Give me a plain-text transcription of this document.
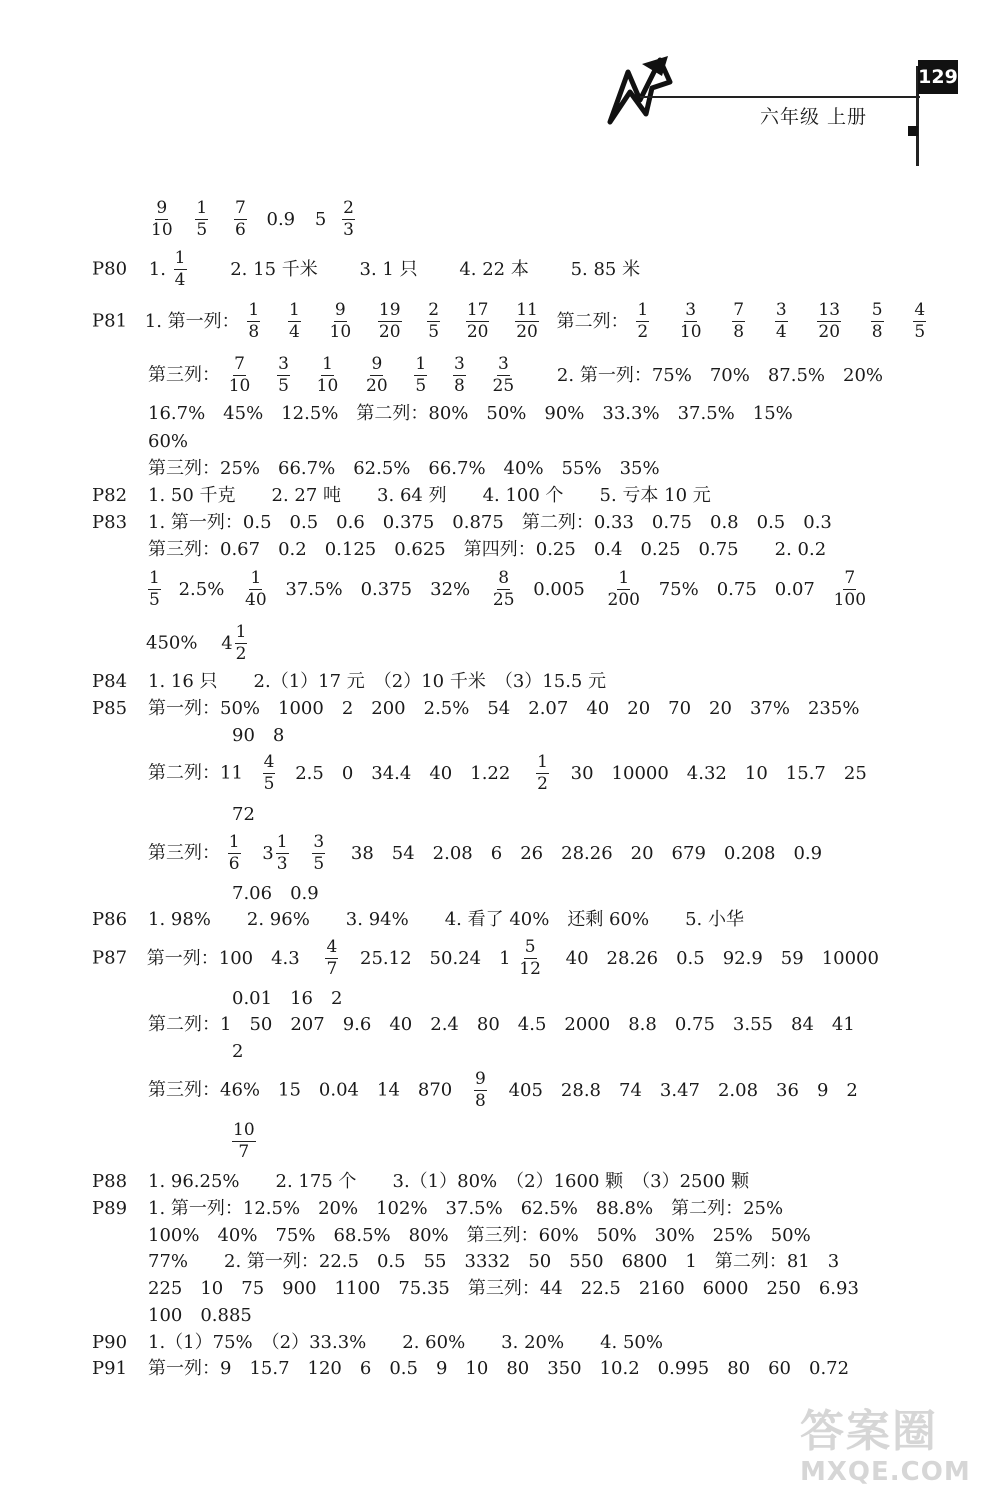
129
六年级 上册
$\frac{9}{10}$
$\frac{1}{5}$
$\frac{7}{6} 0.9$ $5 \frac{2}{3}$
P80 1. $\frac{1}{4} 2$. 15 千米 3. 1 只 4. 22 本 5. 85 米
P81 1. 第一列： $\frac{1}{8}$
$\frac{1}{4}$
$\frac{9}{10}$
$\frac{19}{20}$
$\frac{2}{5}$
$\frac{17}{20}$
$\frac{11}{20}$ 第二列： $\frac{1}{2}$
$\frac{3}{10}$
$\frac{7}{8}$
$\frac{3}{4}$
$\frac{13}{20}$
$\frac{5}{8}$
$\frac{4}{5}$
第三列： $\frac{7}{10}$
$\frac{3}{5}$
$\frac{1}{10}$
$\frac{9}{20}$
$\frac{1}{5}$
$\frac{3}{8}$
$\frac{3}{25} 2$. 第一列：75%　70%　87.5%　20%
16.7%　45%　12.5%　第二列：80%　50%　90%　33.3%　37.5%　15%
60%
第三列：25%　66.7%　62.5%　66.7%　40%　55%　35%
P82 1. 50 千克　　2. 27 吨　　3. 64 列　　4. 100 个　　5. 亏本 10 元
P83 1. 第一列：0.5　0.5　0.6　0.375　0.875　第二列：0.33　0.75　0.8　0.5　0.3
第三列：0.67　0.2　0.125　0.625　第四列：0.25　0.4　0.25　0.75　　2. 0.2
$\frac{1}{5} 2.5\% \frac{1}{40} 37.5\%$　0.375　$32\% \frac{8}{25} 0.005 \frac{1}{200} 75\%$　0.75　$0.07 \frac{7}{100}$
450% 4
1
2
P84 1. 16 只　　2.（1）17 元　（2）10 千米　（3）15.5 元
P85 第一列：50%　1000　2　200　2.5%　54　2.07　40　20　70　20　37%　235%
90　8
第二列：$11 \frac{4}{5} 2.5$　0　34.4　40　$1.22 \frac{1}{2} 30$　10000　4.32　10　15.7　25
72
第三列： $\frac{1}{6}$
3
1
3
$\frac{3}{5} 38$　54　2.08　6　26　28.26　20　679　0.208　0.9
7.06　0.9
P86 1. 98%　　2. 96%　　3. 94%　　4. 看了 40%　还剩 60%　　5. 小华
P87 第一列：100　$4.3 \frac{4}{7} 25.12$　50.24　$1 \frac{5}{12} 40$　28.26　0.5　92.9　59　10000
0.01　16　2
第二列：1　50　207　9.6　40　2.4　80　4.5　2000　8.8　0.75　3.55　84　41
2
第三列：46%　15　0.04　14　$870 \frac{9}{8} 405$　28.8　74　3.47　2.08　36　9　2
$\frac{10}{7}$
P88 1. 96.25%　　2. 175 个　　3.（1）80%　（2）1600 颗　（3）2500 颗
P89 1. 第一列：12.5%　20%　102%　37.5%　62.5%　88.8%　第二列：25%
100%　40%　75%　68.5%　80%　第三列：60%　50%　30%　25%　50%
77%　　2. 第一列：22.5　0.5　55　3332　50　550　6800　1　第二列：81　3
225　10　75　900　1100　75.35　第三列：44　22.5　2160　6000　250　6.93
100　0.885
P90 1.（1）75%　（2）33.3%　　2. 60%　　3. 20%　　4. 50%
P91 第一列：9　15.7　120　6　0.5　9　10　80　350　10.2　0.995　80　60　0.72
答案圈
MXQE.COM
